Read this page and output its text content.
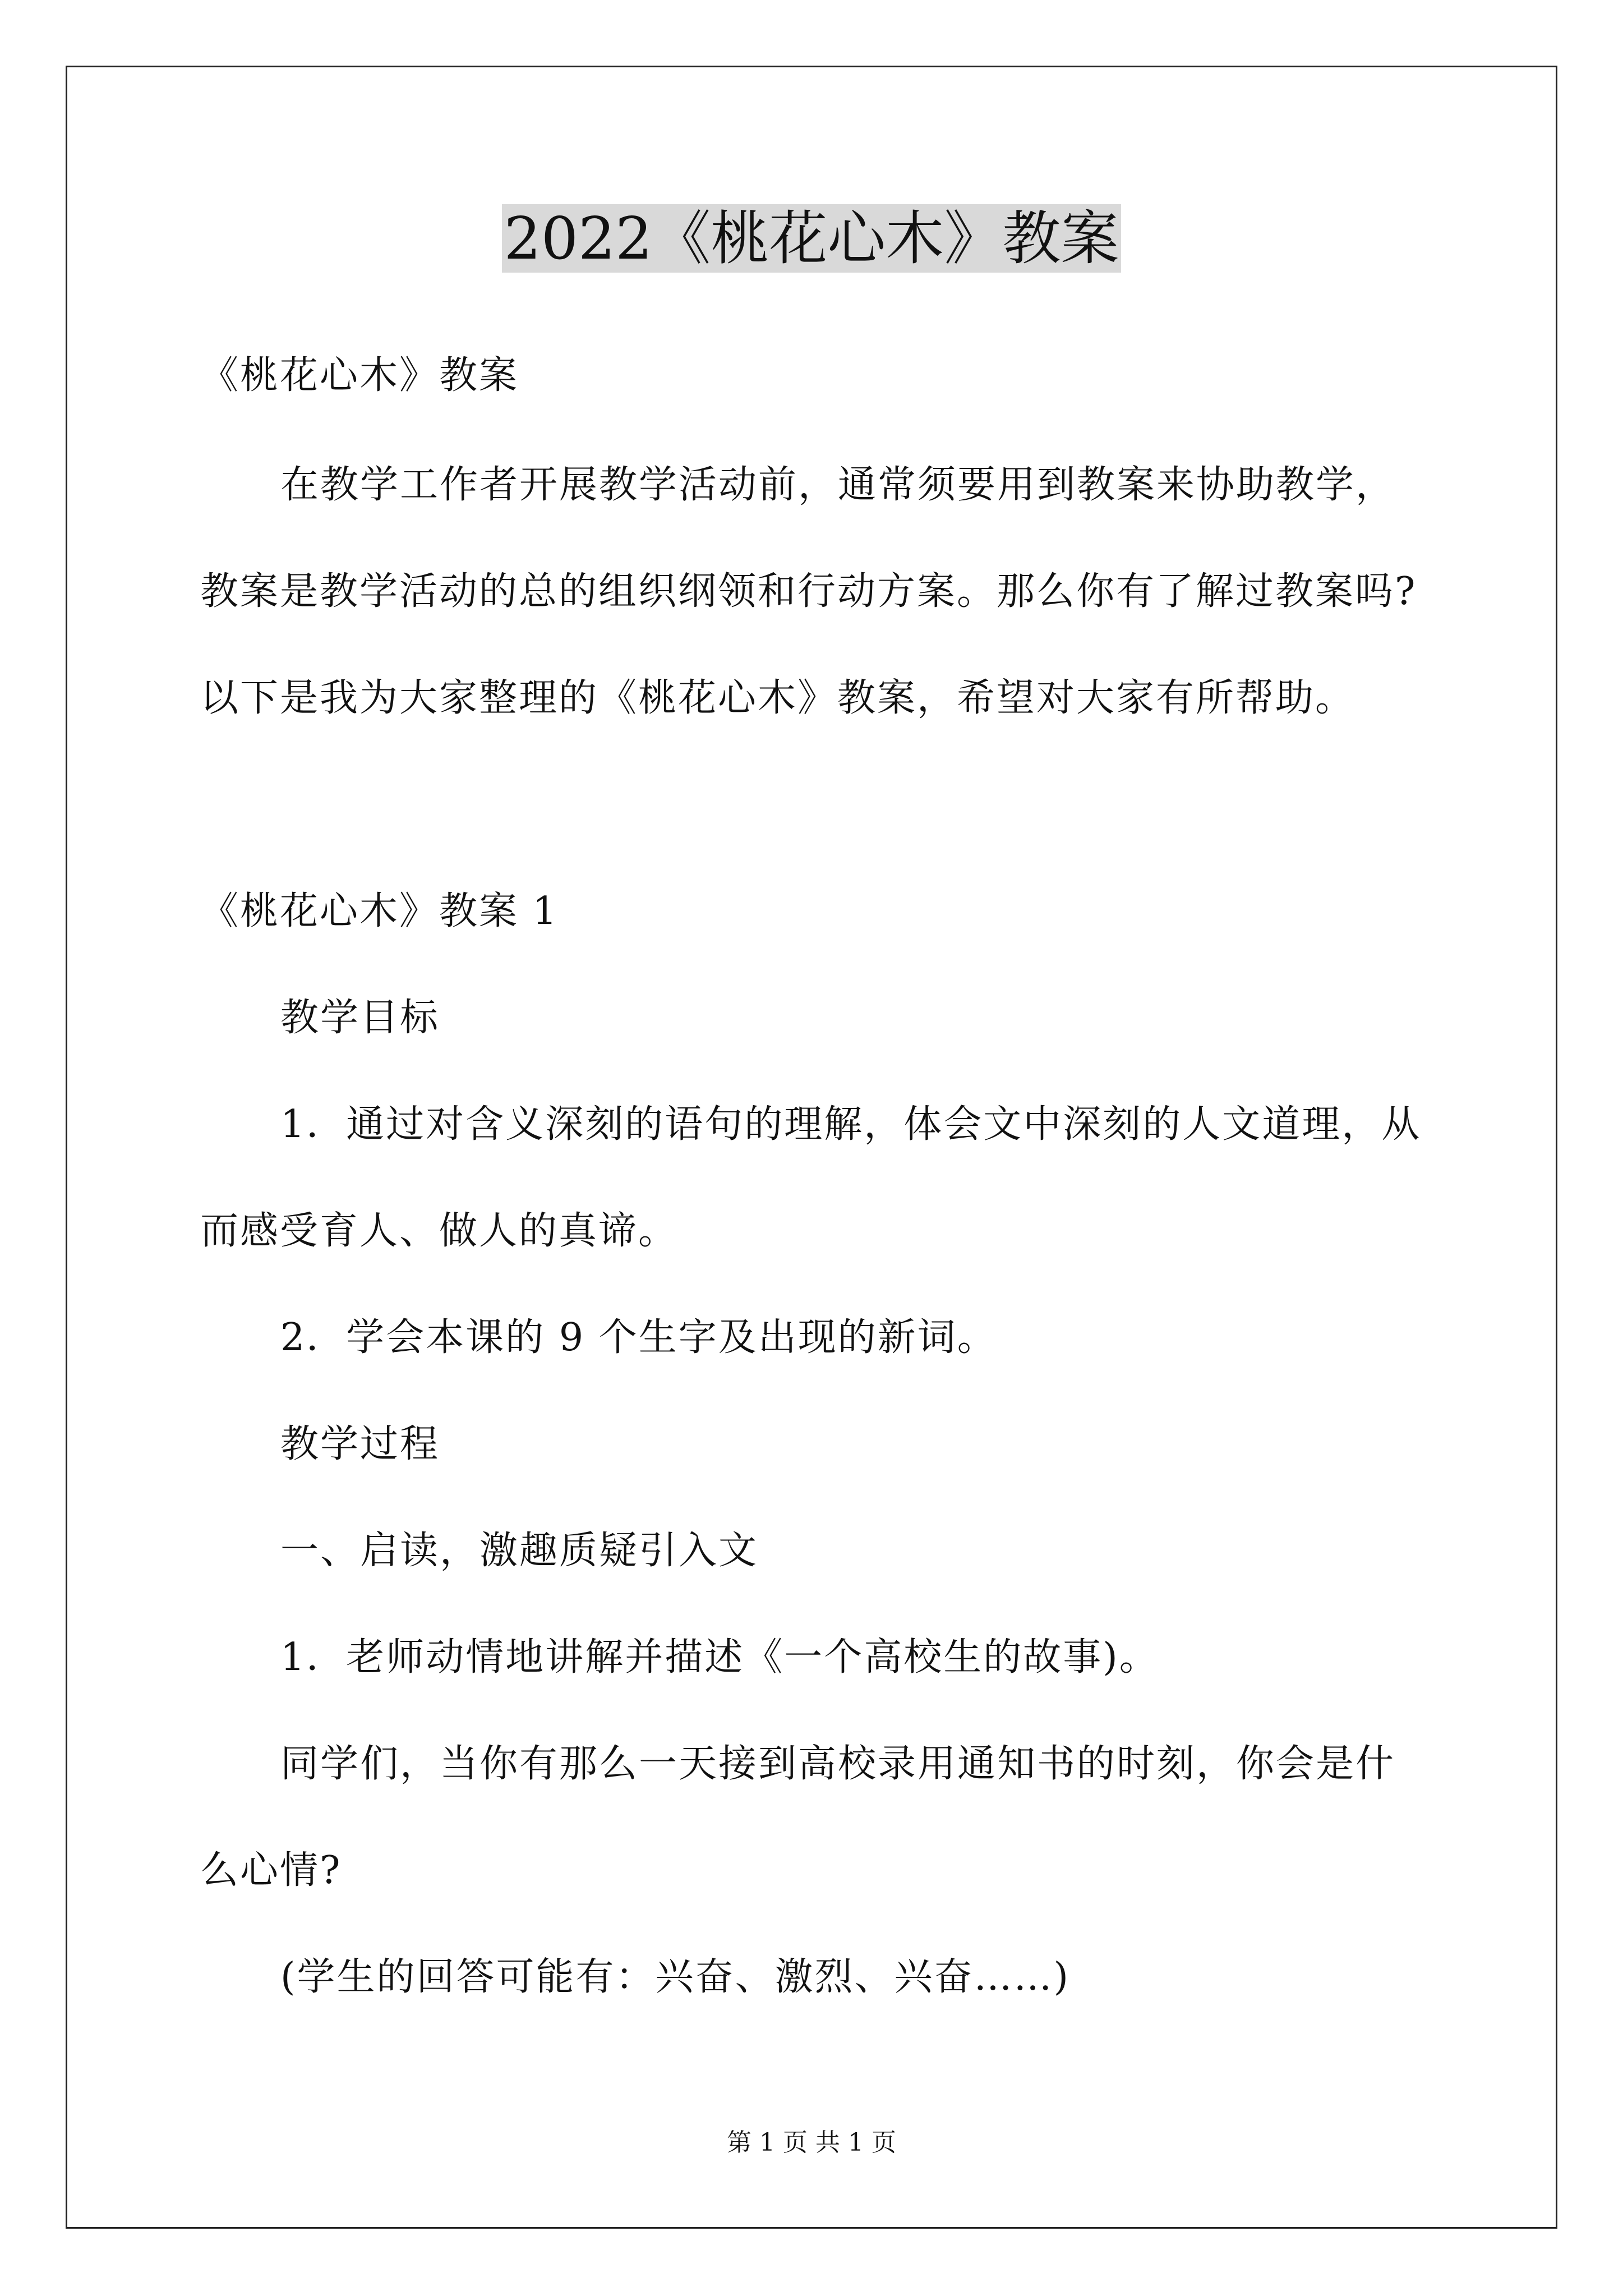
2022《桃花心木》教案
《桃花心木》教案
在教学工作者开展教学活动前，通常须要用到教案来协助教学，
教案是教学活动的总的组织纲领和行动方案。那么你有了解过教案吗?
以下是我为大家整理的《桃花心木》教案，希望对大家有所帮助。
《桃花心木》教案 1
教学目标
1．通过对含义深刻的语句的理解，体会文中深刻的人文道理，从
而感受育人、做人的真谛。
2．学会本课的 9 个生字及出现的新词。
教学过程
一、启读，激趣质疑引入文
1．老师动情地讲解并描述《一个高校生的故事)。
同学们，当你有那么一天接到高校录用通知书的时刻，你会是什
么心情?
(学生的回答可能有：兴奋、激烈、兴奋……)
第 1 页 共 1 页
